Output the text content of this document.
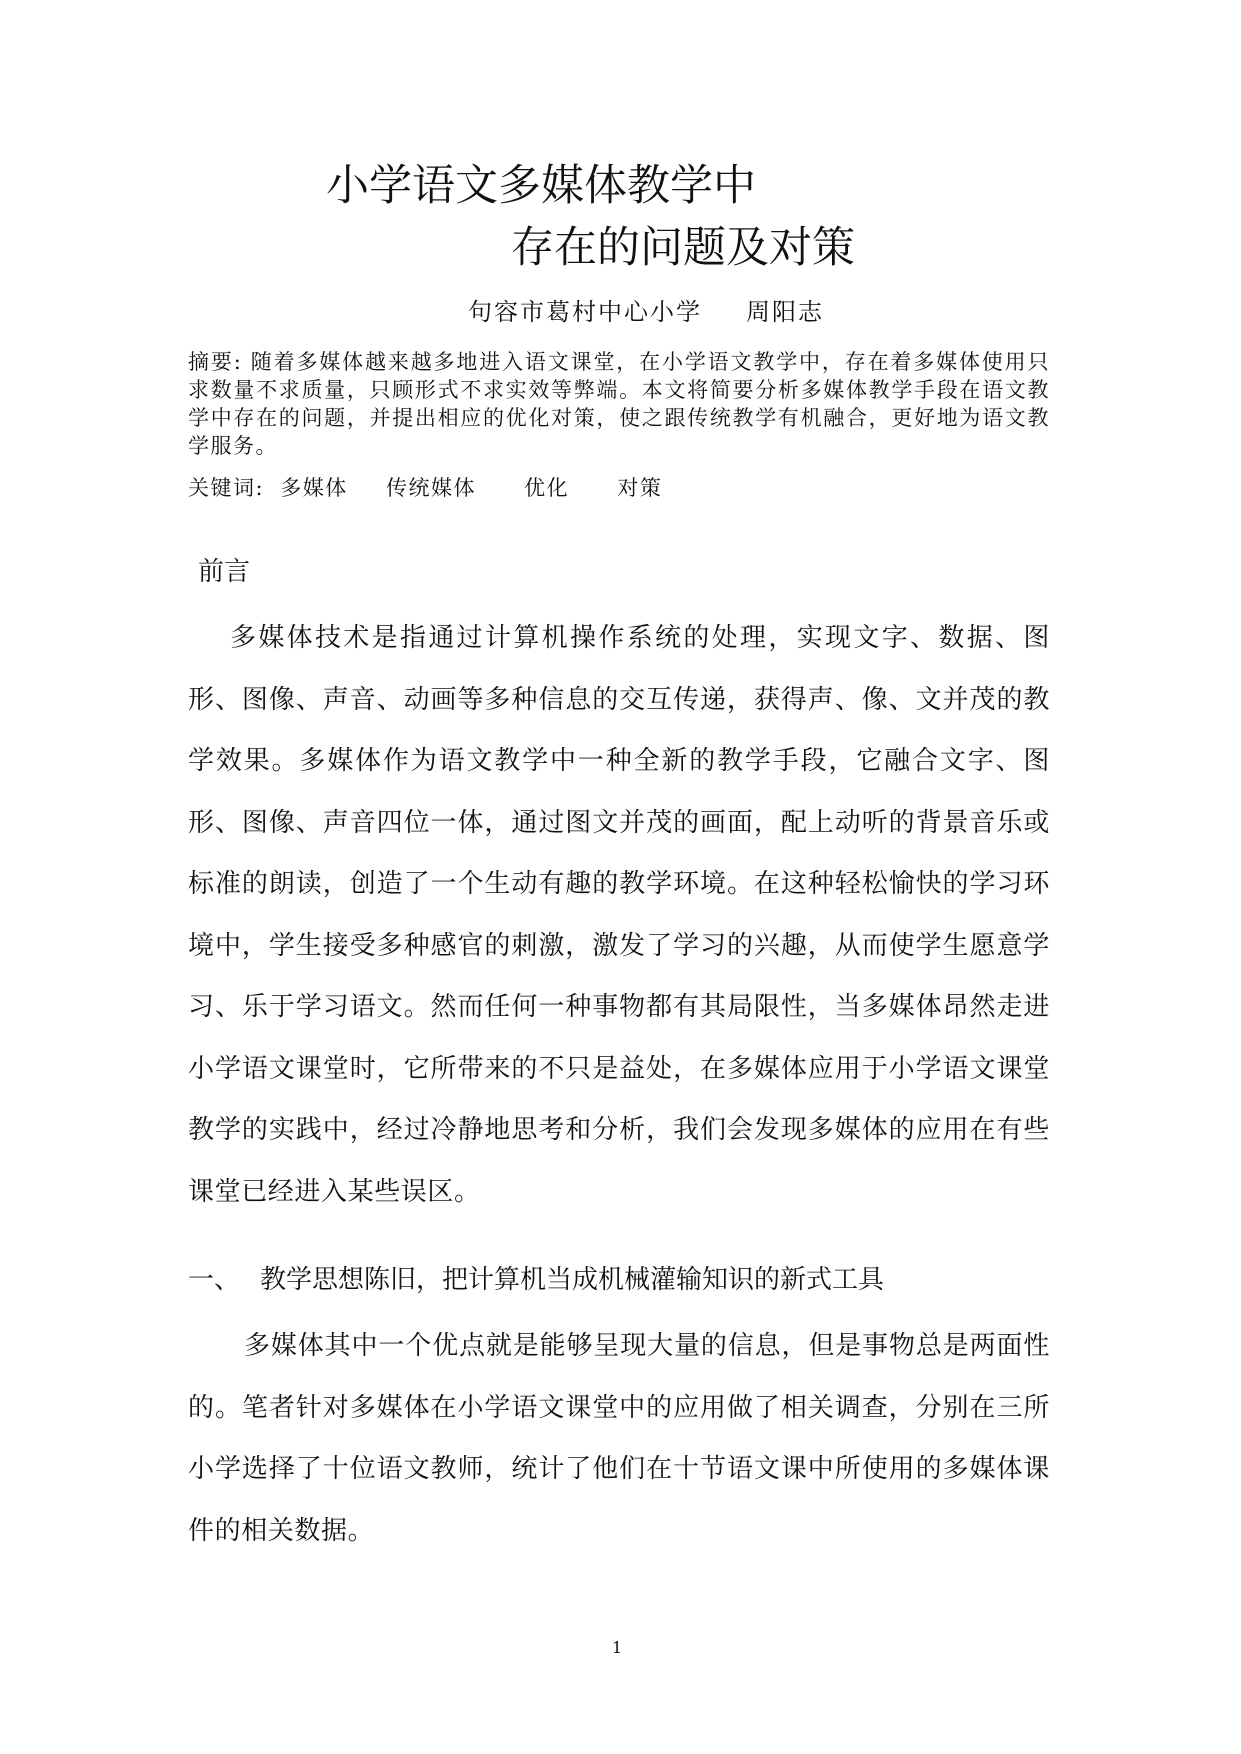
小学语文多媒体教学中
存在的问题及对策
句容市葛村中心小学 周阳志
摘要: 随着多媒体越来越多地进入语文课堂，在小学语文教学中，存在着多媒体使用只求数量不求质量，只顾形式不求实效等弊端。本文将简要分析多媒体教学手段在语文教学中存在的问题，并提出相应的优化对策，使之跟传统教学有机融合，更好地为语文教学服务。
关键词: 多媒体 传统媒体 优化 对策
前言
多媒体技术是指通过计算机操作系统的处理，实现文字、数据、图形、图像、声音、动画等多种信息的交互传递，获得声、像、文并茂的教学效果。多媒体作为语文教学中一种全新的教学手段，它融合文字、图形、图像、声音四位一体，通过图文并茂的画面，配上动听的背景音乐或标准的朗读，创造了一个生动有趣的教学环境。在这种轻松愉快的学习环境中，学生接受多种感官的刺激，激发了学习的兴趣，从而使学生愿意学习、乐于学习语文。然而任何一种事物都有其局限性，当多媒体昂然走进小学语文课堂时，它所带来的不只是益处，在多媒体应用于小学语文课堂教学的实践中，经过冷静地思考和分析，我们会发现多媒体的应用在有些课堂已经进入某些误区。
一、 教学思想陈旧，把计算机当成机械灌输知识的新式工具
多媒体其中一个优点就是能够呈现大量的信息，但是事物总是两面性的。笔者针对多媒体在小学语文课堂中的应用做了相关调查，分别在三所小学选择了十位语文教师，统计了他们在十节语文课中所使用的多媒体课件的相关数据。
1
